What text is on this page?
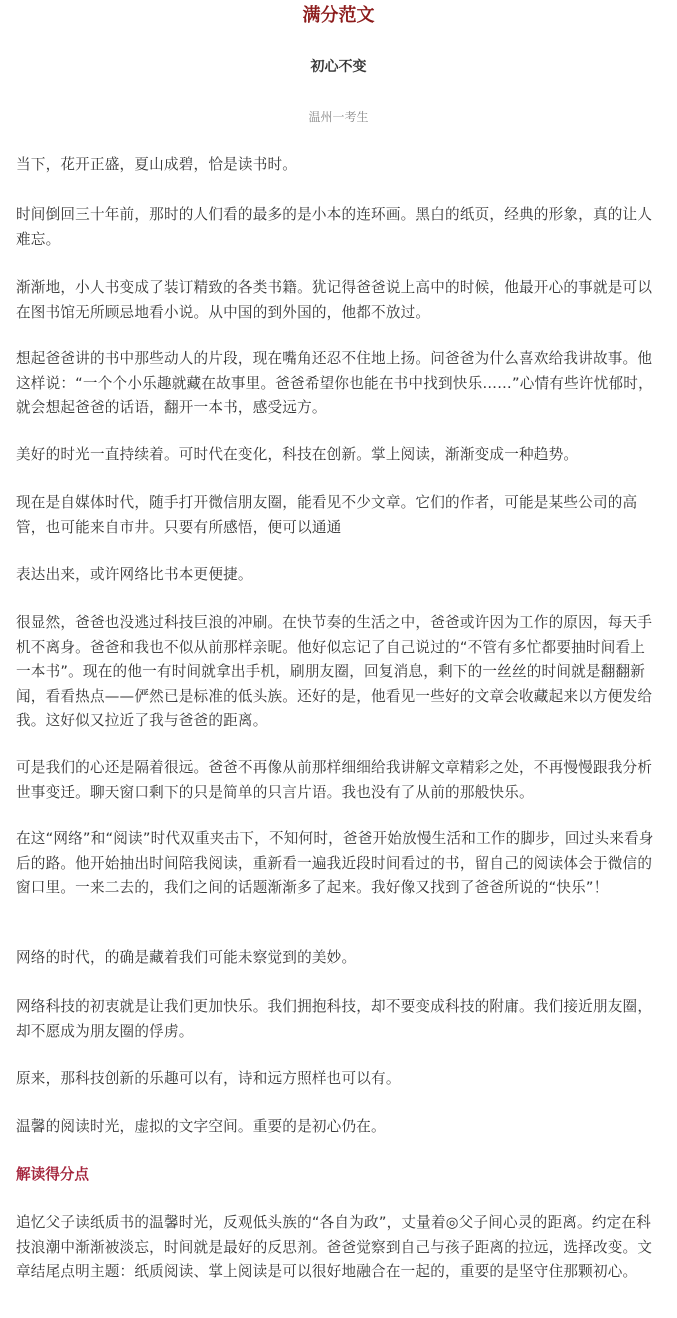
满分范文
初心不变

温州一考生

当下，花开正盛，夏山成碧，恰是读书时。

时间倒回三十年前，那时的人们看的最多的是小本的连环画。黑白的纸页，经典的形象，真的让人难忘。

渐渐地，小人书变成了装订精致的各类书籍。犹记得爸爸说上高中的时候，他最开心的事就是可以在图书馆无所顾忌地看小说。从中国的到外国的，他都不放过。

想起爸爸讲的书中那些动人的片段，现在嘴角还忍不住地上扬。问爸爸为什么喜欢给我讲故事。他这样说：“一个个小乐趣就藏在故事里。爸爸希望你也能在书中找到快乐……”心情有些许忧郁时，就会想起爸爸的话语，翻开一本书，感受远方。

美好的时光一直持续着。可时代在变化，科技在创新。掌上阅读，渐渐变成一种趋势。

现在是自媒体时代，随手打开微信朋友圈，能看见不少文章。它们的作者，可能是某些公司的高管，也可能来自市井。只要有所感悟，便可以通通

表达出来，或许网络比书本更便捷。

很显然，爸爸也没逃过科技巨浪的冲刷。在快节奏的生活之中，爸爸或许因为工作的原因，每天手机不离身。爸爸和我也不似从前那样亲昵。他好似忘记了自己说过的“不管有多忙都要抽时间看上一本书”。现在的他一有时间就拿出手机，刷朋友圈，回复消息，剩下的一丝丝的时间就是翻翻新闻，看看热点——俨然已是标准的低头族。还好的是，他看见一些好的文章会收藏起来以方便发给我。这好似又拉近了我与爸爸的距离。

可是我们的心还是隔着很远。爸爸不再像从前那样细细给我讲解文章精彩之处，不再慢慢跟我分析世事变迁。聊天窗口剩下的只是简单的只言片语。我也没有了从前的那般快乐。

在这“网络”和“阅读”时代双重夹击下，不知何时，爸爸开始放慢生活和工作的脚步，回过头来看身后的路。他开始抽出时间陪我阅读，重新看一遍我近段时间看过的书，留自己的阅读体会于微信的窗口里。一来二去的，我们之间的话题渐渐多了起来。我好像又找到了爸爸所说的“快乐”！

网络的时代，的确是藏着我们可能未察觉到的美妙。

网络科技的初衷就是让我们更加快乐。我们拥抱科技，却不要变成科技的附庸。我们接近朋友圈，却不愿成为朋友圈的俘虏。

原来，那科技创新的乐趣可以有，诗和远方照样也可以有。

温馨的阅读时光，虚拟的文字空间。重要的是初心仍在。

解读得分点

追忆父子读纸质书的温馨时光，反观低头族的“各自为政”，丈量着◎父子间心灵的距离。约定在科技浪潮中渐渐被淡忘，时间就是最好的反思剂。爸爸觉察到自己与孩子距离的拉远，选择改变。文章结尾点明主题：纸质阅读、掌上阅读是可以很好地融合在一起的，重要的是坚守住那颗初心。
